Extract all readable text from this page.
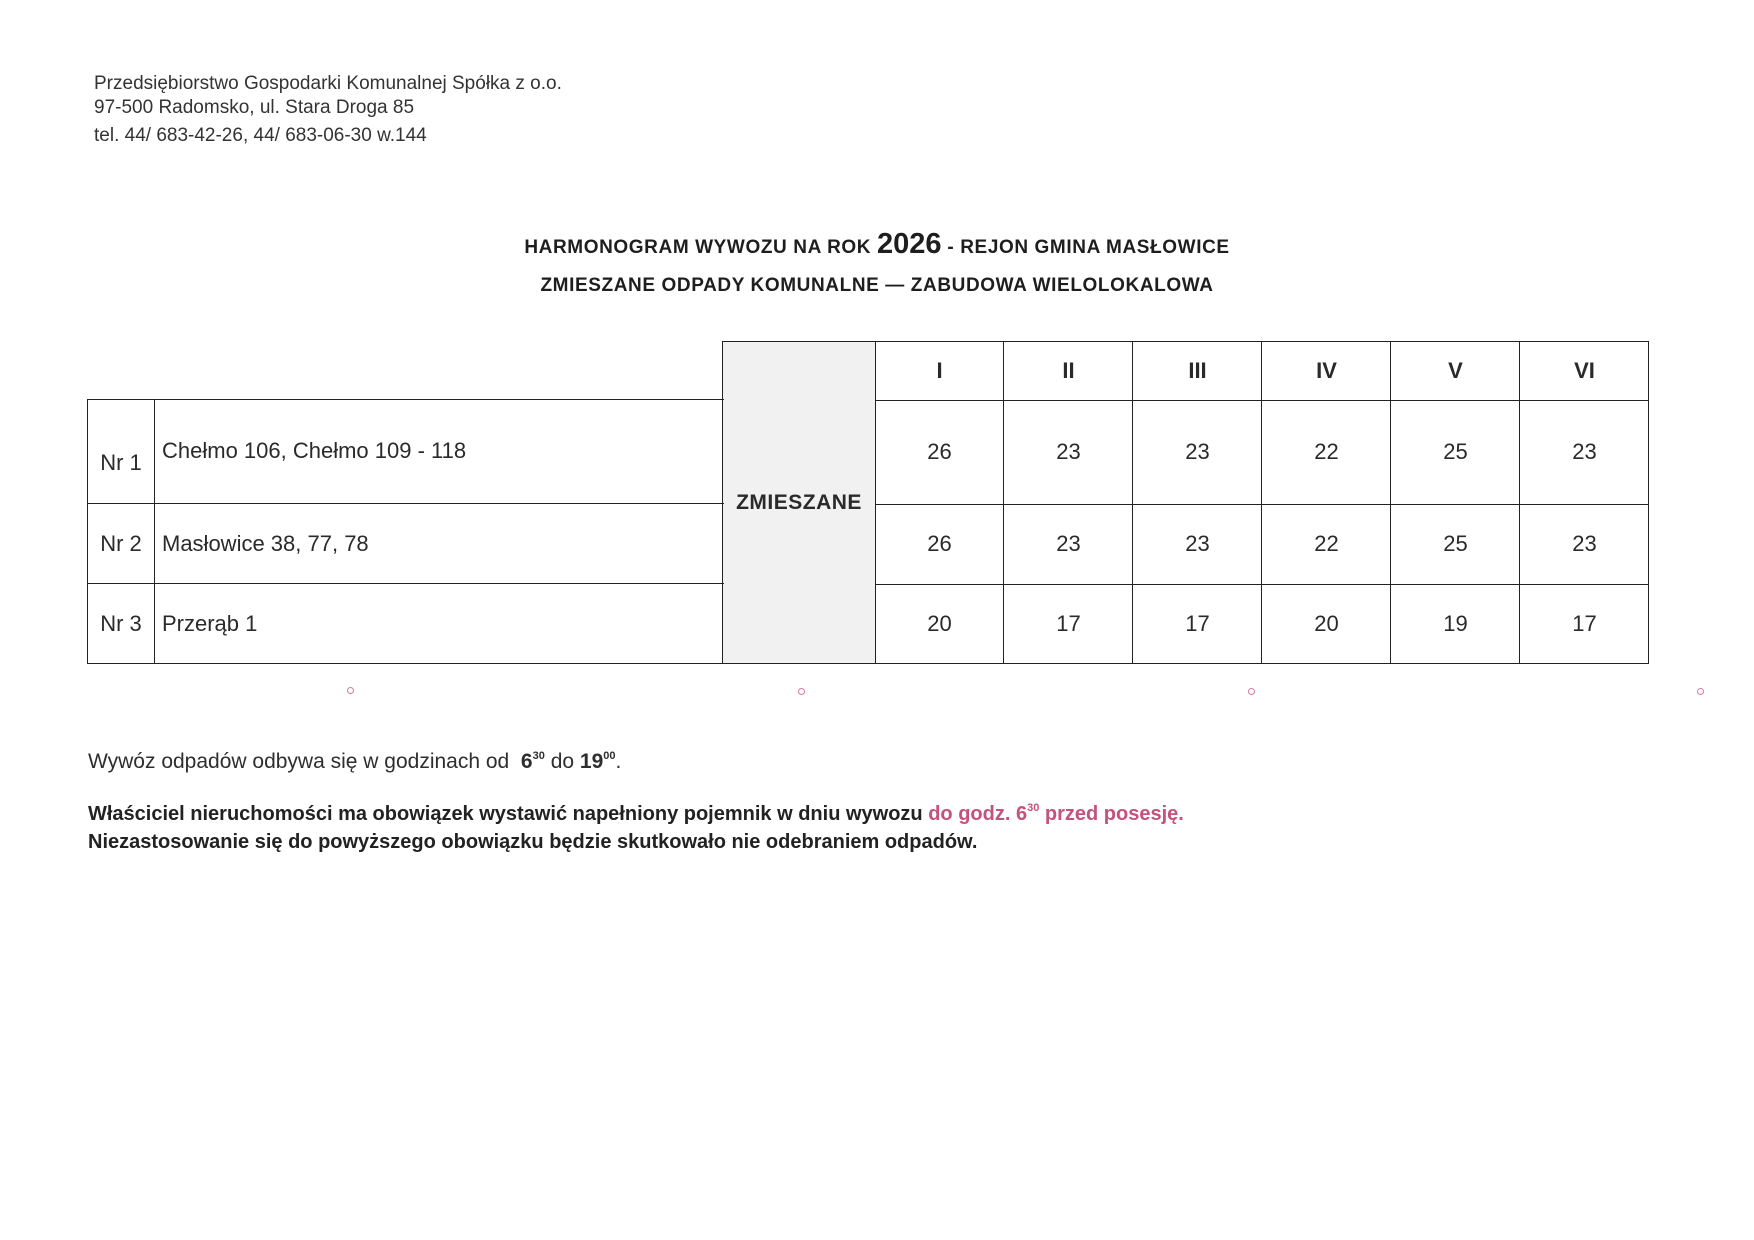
Przedsiębiorstwo Gospodarki Komunalnej Spółka z o.o.
97-500 Radomsko, ul. Stara Droga 85
tel. 44/ 683-42-26, 44/ 683-06-30 w.144
HARMONOGRAM WYWOZU NA ROK 2026 - REJON GMINA MASŁOWICE
ZMIESZANE ODPADY KOMUNALNE — ZABUDOWA WIELOLOKALOWA
I	II	III	IV	V	VI
ZMIESZANE
Nr 1 Chełmo 106, Chełmo 109 - 118	26	23	23	22	25	23
Nr 2 Masłowice 38, 77, 78	26	23	23	22	25	23
Nr 3 Przerąb 1	20	17	17	20	19	17
Wywóz odpadów odbywa się w godzinach od $6^{30}$ do $19^{00}$.
Właściciel nieruchomości ma obowiązek wystawić napełniony pojemnik w dniu wywozu do godz. $6^{30}$ przed posesję.
Niezastosowanie się do powyższego obowiązku będzie skutkowało nie odebraniem odpadów.
